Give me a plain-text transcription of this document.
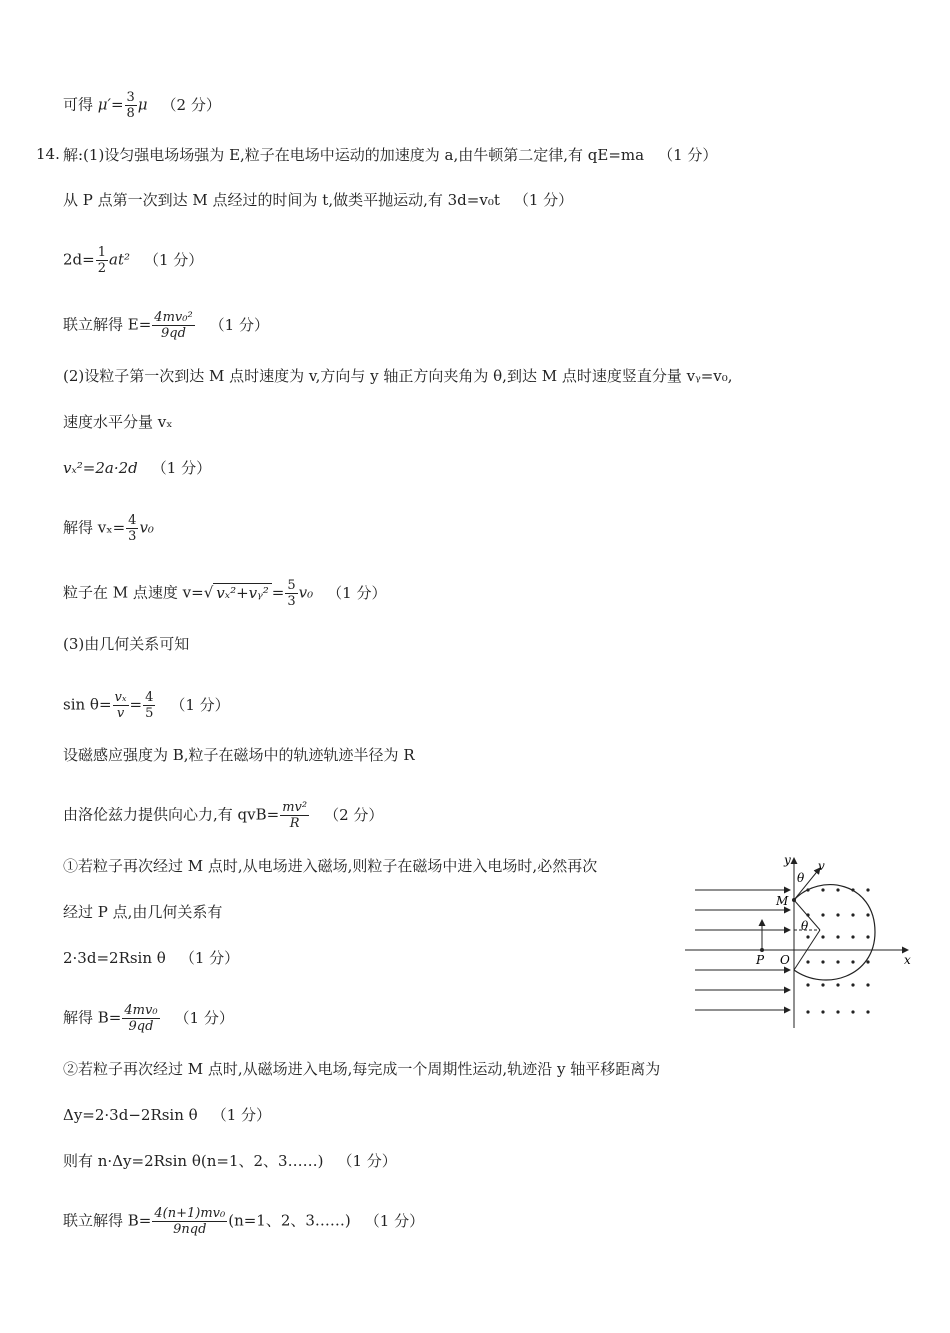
可得 $\mu'= \frac{3}{8}$ μ （2 分）
14. 解:(1)设匀强电场场强为 E,粒子在电场中运动的加速度为 a,由牛顿第二定律,有 qE=ma （1 分）
从 P 点第一次到达 M 点经过的时间为 t,做类平抛运动,有 3d=v₀t （1 分）
$2d= \frac{1}{2} at^2$ （1 分）
联立解得 $E= \frac{\text{4mv₀²}}{9qd} (1$ 分）
(2)设粒子第一次到达 M 点时速度为 v,方向与 y 轴正方向夹角为 θ,到达 M 点时速度竖直分量 vᵧ=v₀,
速度水平分量 vₓ
vₓ²=2a·2d （1 分）
解得 $v_x= \frac{4}{3} v_0$
粒子在 M 点速度 v=√ vₓ²+vᵧ² = $\frac{5}{3} v_0$ （1 分）
(3)由几何关系可知
$\sin \theta= \frac{\text{vₓ}}{v} = \frac{4}{5} (1$ 分）
设磁感应强度为 B,粒子在磁场中的轨迹轨迹半径为 R
由洛伦兹力提供向心力,有 $qvB= \frac{\text{mv²}}{R} (2$ 分）
①若粒子再次经过 M 点时,从电场进入磁场,则粒子在磁场中进入电场时,必然再次
经过 P 点,由几何关系有
2·3d=2Rsin θ （1 分）
解得 $B= \frac{\text{4mv₀}}{9qd} (1$ 分）
②若粒子再次经过 M 点时,从磁场进入电场,每完成一个周期性运动,轨迹沿 y 轴平移距离为
Δy=2·3d−2Rsin θ （1 分）
则有 n·Δy=2Rsin θ(n=1、2、3……) （1 分）
联立解得 $B= \frac{\text{4(n+1)mv₀}}{\text{9nqd}} (n=1$、2、3……) （1 分）
x
y v
θ
θ
M
P O
